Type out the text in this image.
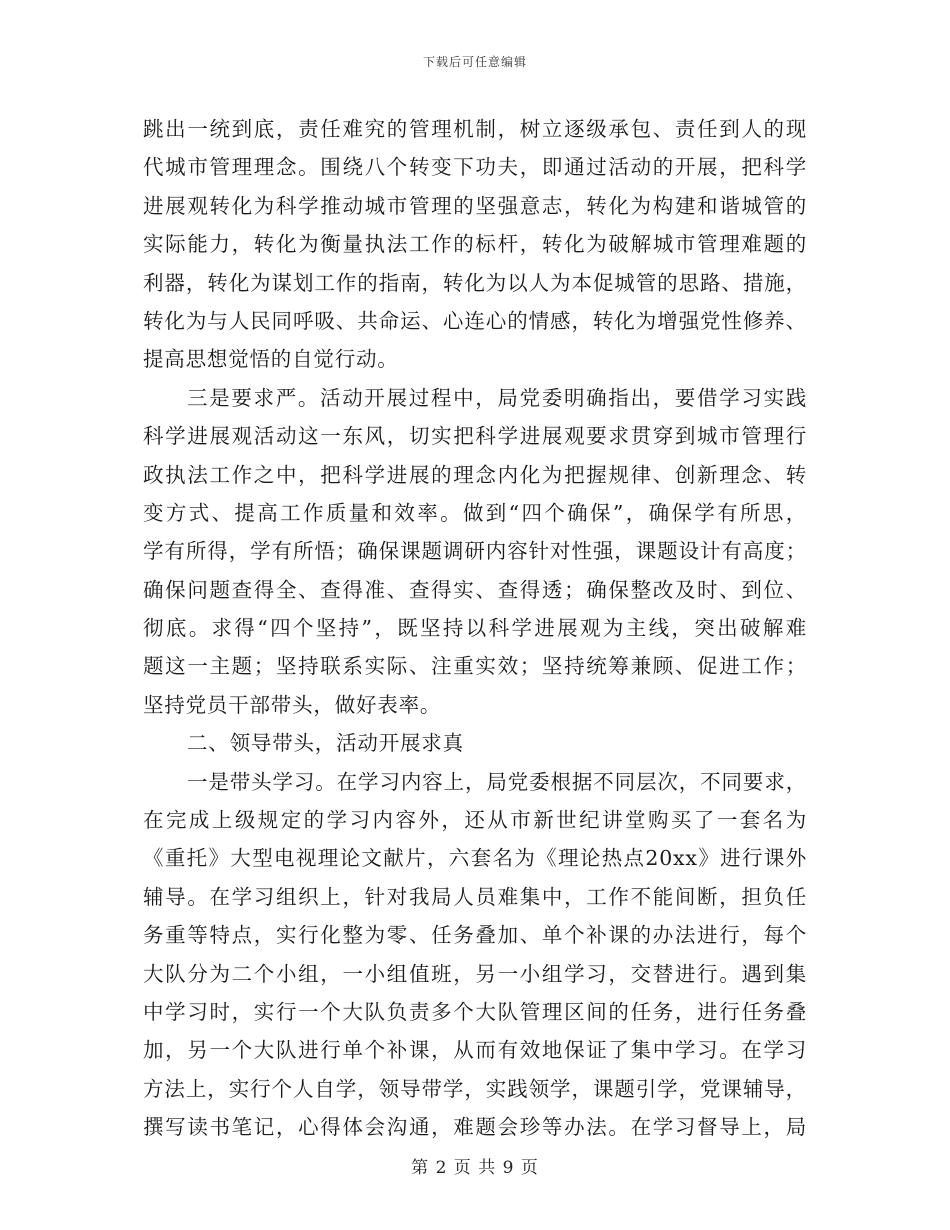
下载后可任意编辑
跳出一统到底，责任难究的管理机制，树立逐级承包、责任到人的现
代城市管理理念。围绕八个转变下功夫，即通过活动的开展，把科学
进展观转化为科学推动城市管理的坚强意志，转化为构建和谐城管的
实际能力，转化为衡量执法工作的标杆，转化为破解城市管理难题的
利器，转化为谋划工作的指南，转化为以人为本促城管的思路、措施，
转化为与人民同呼吸、共命运、心连心的情感，转化为增强党性修养、
提高思想觉悟的自觉行动。
三是要求严。活动开展过程中，局党委明确指出，要借学习实践
科学进展观活动这一东风，切实把科学进展观要求贯穿到城市管理行
政执法工作之中，把科学进展的理念内化为把握规律、创新理念、转
变方式、提高工作质量和效率。做到“四个确保”，确保学有所思，
学有所得，学有所悟；确保课题调研内容针对性强，课题设计有高度；
确保问题查得全、查得准、查得实、查得透；确保整改及时、到位、
彻底。求得“四个坚持”，既坚持以科学进展观为主线，突出破解难
题这一主题；坚持联系实际、注重实效；坚持统筹兼顾、促进工作；
坚持党员干部带头，做好表率。
二、领导带头，活动开展求真
一是带头学习。在学习内容上，局党委根据不同层次，不同要求，
在完成上级规定的学习内容外，还从市新世纪讲堂购买了一套名为
《重托》大型电视理论文献片，六套名为《理论热点20xx》进行课外
辅导。在学习组织上，针对我局人员难集中，工作不能间断，担负任
务重等特点，实行化整为零、任务叠加、单个补课的办法进行，每个
大队分为二个小组，一小组值班，另一小组学习，交替进行。遇到集
中学习时，实行一个大队负责多个大队管理区间的任务，进行任务叠
加，另一个大队进行单个补课，从而有效地保证了集中学习。在学习
方法上，实行个人自学，领导带学，实践领学，课题引学，党课辅导，
撰写读书笔记，心得体会沟通，难题会珍等办法。在学习督导上，局
第 2 页 共 9 页
